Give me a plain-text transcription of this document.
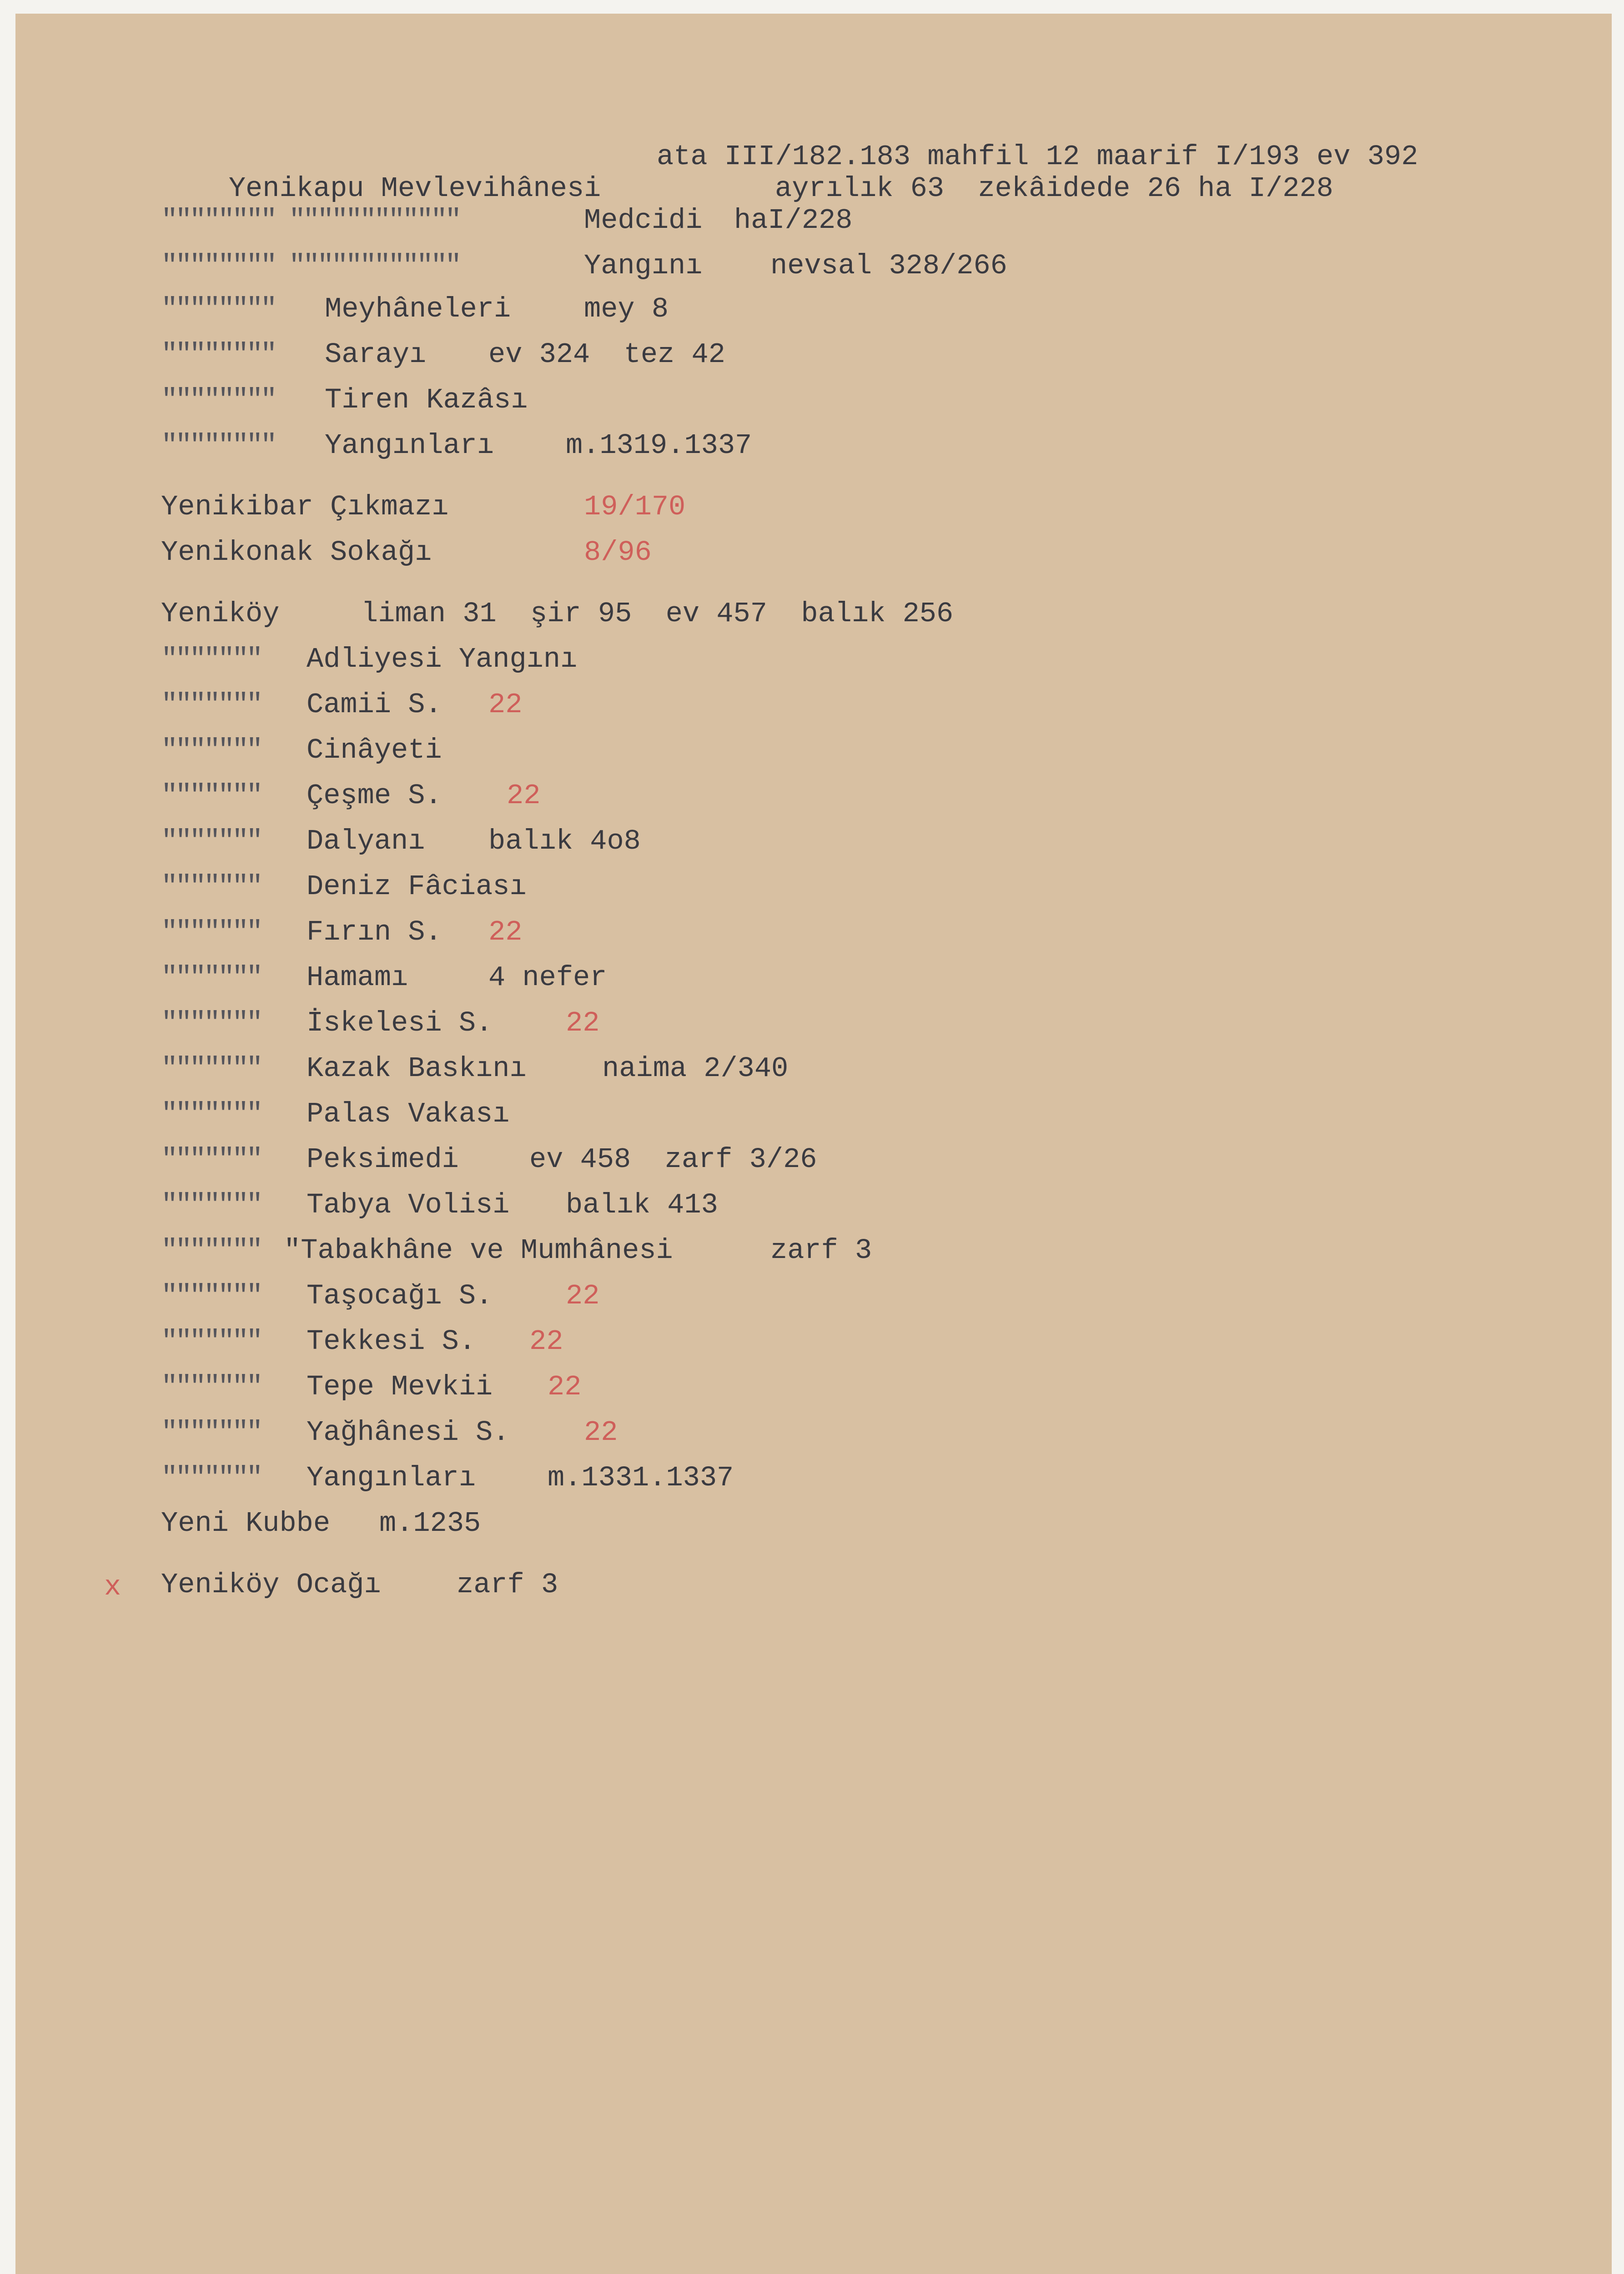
Yenikapu Mevlevihânesi

ata III/182.183 mahfil 12 maarif I/193 ev 392
ayrılık 63  zekâidede 26 ha I/228
"""""""" """"""""""""	Medcidi haI/228
"""""""" """"""""""""	Yangını nevsal 328/266
"""""""" Meyhâneleri	mey 8
"""""""" Sarayı ev 324  tez 42
"""""""" Tiren Kazâsı
"""""""" Yangınları	m.1319.1337
Yenikibar Çıkmazı	19/170
Yenikonak Sokağı	8/96
Yeniköy	liman 31  şir 95  ev 457  balık 256
""""""" Adliyesi Yangını
""""""" Camii S. 22
""""""" Cinâyeti
""""""" Çeşme S. 22
""""""" Dalyanı balık 4o8
""""""" Deniz Fâciası
""""""" Fırın S. 22
""""""" Hamamı	4 nefer
""""""" İskelesi S.	22
""""""" Kazak Baskını	naima 2/340
""""""" Palas Vakası
""""""" Peksimedi	ev 458  zarf 3/26
""""""" Tabya Volisi balık 413
""""""" "Tabakhâne ve Mumhânesi	zarf 3
""""""" Taşocağı S.	22
""""""" Tekkesi S. 22
""""""" Tepe Mevkii 22
""""""" Yağhânesi S.	22
""""""" Yangınları	m.1331.1337
Yeni Kubbe m.1235
x Yeniköy Ocağı	zarf 3
